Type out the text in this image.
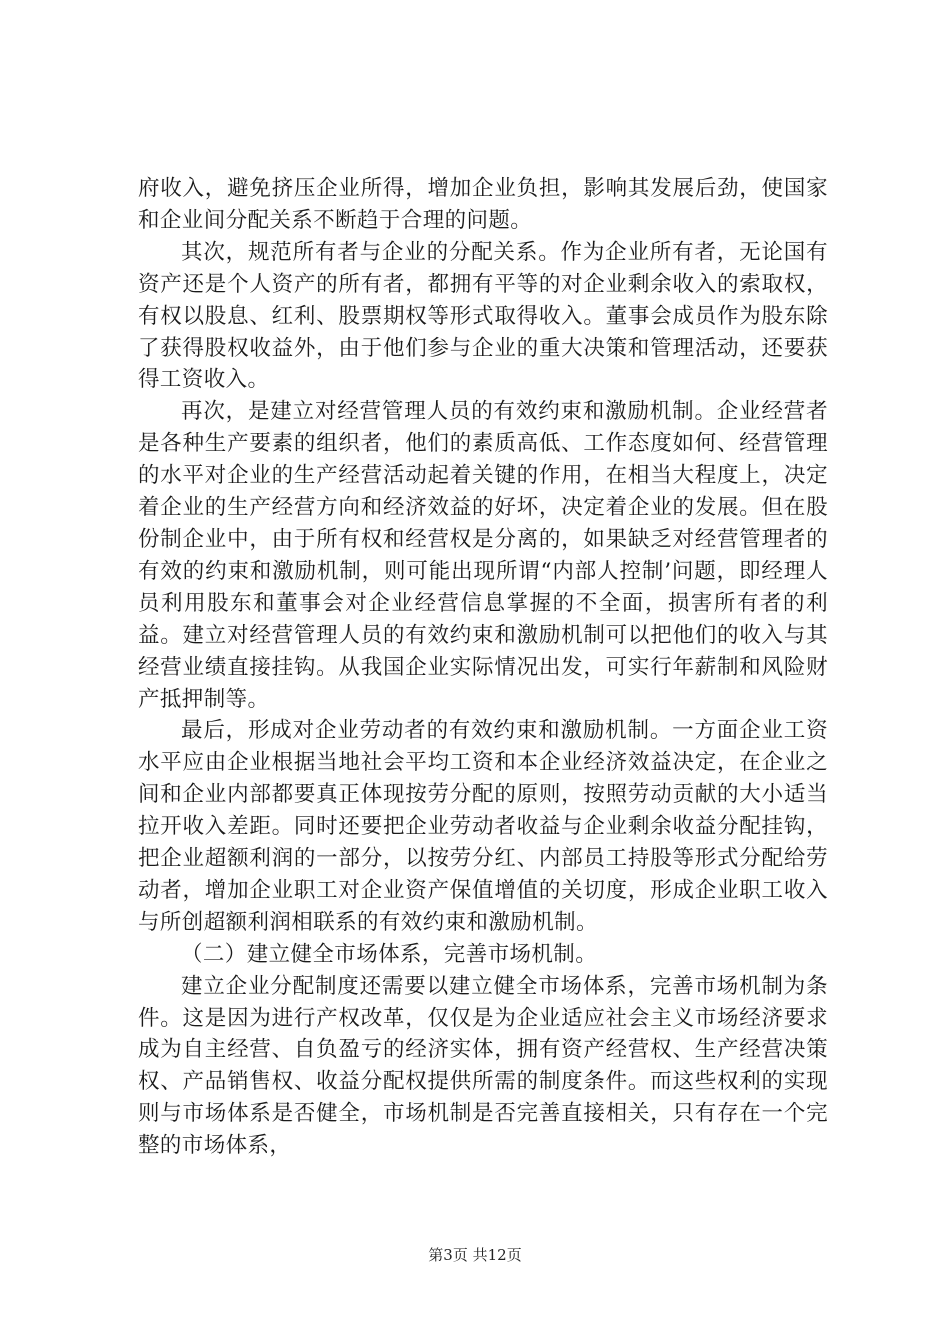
府收入，避免挤压企业所得，增加企业负担，影响其发展后劲，使国家和企业间分配关系不断趋于合理的问题。

其次，规范所有者与企业的分配关系。作为企业所有者，无论国有资产还是个人资产的所有者，都拥有平等的对企业剩余收入的索取权，有权以股息、红利、股票期权等形式取得收入。董事会成员作为股东除了获得股权收益外，由于他们参与企业的重大决策和管理活动，还要获得工资收入。

再次，是建立对经营管理人员的有效约束和激励机制。企业经营者是各种生产要素的组织者，他们的素质高低、工作态度如何、经营管理的水平对企业的生产经营活动起着关键的作用，在相当大程度上，决定着企业的生产经营方向和经济效益的好坏，决定着企业的发展。但在股份制企业中，由于所有权和经营权是分离的，如果缺乏对经营管理者的有效的约束和激励机制，则可能出现所谓“内部人控制’问题，即经理人员利用股东和董事会对企业经营信息掌握的不全面，损害所有者的利益。建立对经营管理人员的有效约束和激励机制可以把他们的收入与其经营业绩直接挂钩。从我国企业实际情况出发，可实行年薪制和风险财产抵押制等。

最后，形成对企业劳动者的有效约束和激励机制。一方面企业工资水平应由企业根据当地社会平均工资和本企业经济效益决定，在企业之间和企业内部都要真正体现按劳分配的原则，按照劳动贡献的大小适当拉开收入差距。同时还要把企业劳动者收益与企业剩余收益分配挂钩，把企业超额利润的一部分，以按劳分红、内部员工持股等形式分配给劳动者，增加企业职工对企业资产保值增值的关切度，形成企业职工收入与所创超额利润相联系的有效约束和激励机制。

（二）建立健全市场体系，完善市场机制。

建立企业分配制度还需要以建立健全市场体系，完善市场机制为条件。这是因为进行产权改革，仅仅是为企业适应社会主义市场经济要求成为自主经营、自负盈亏的经济实体，拥有资产经营权、生产经营决策权、产品销售权、收益分配权提供所需的制度条件。而这些权利的实现则与市场体系是否健全，市场机制是否完善直接相关，只有存在一个完整的市场体系，

第3页 共12页
